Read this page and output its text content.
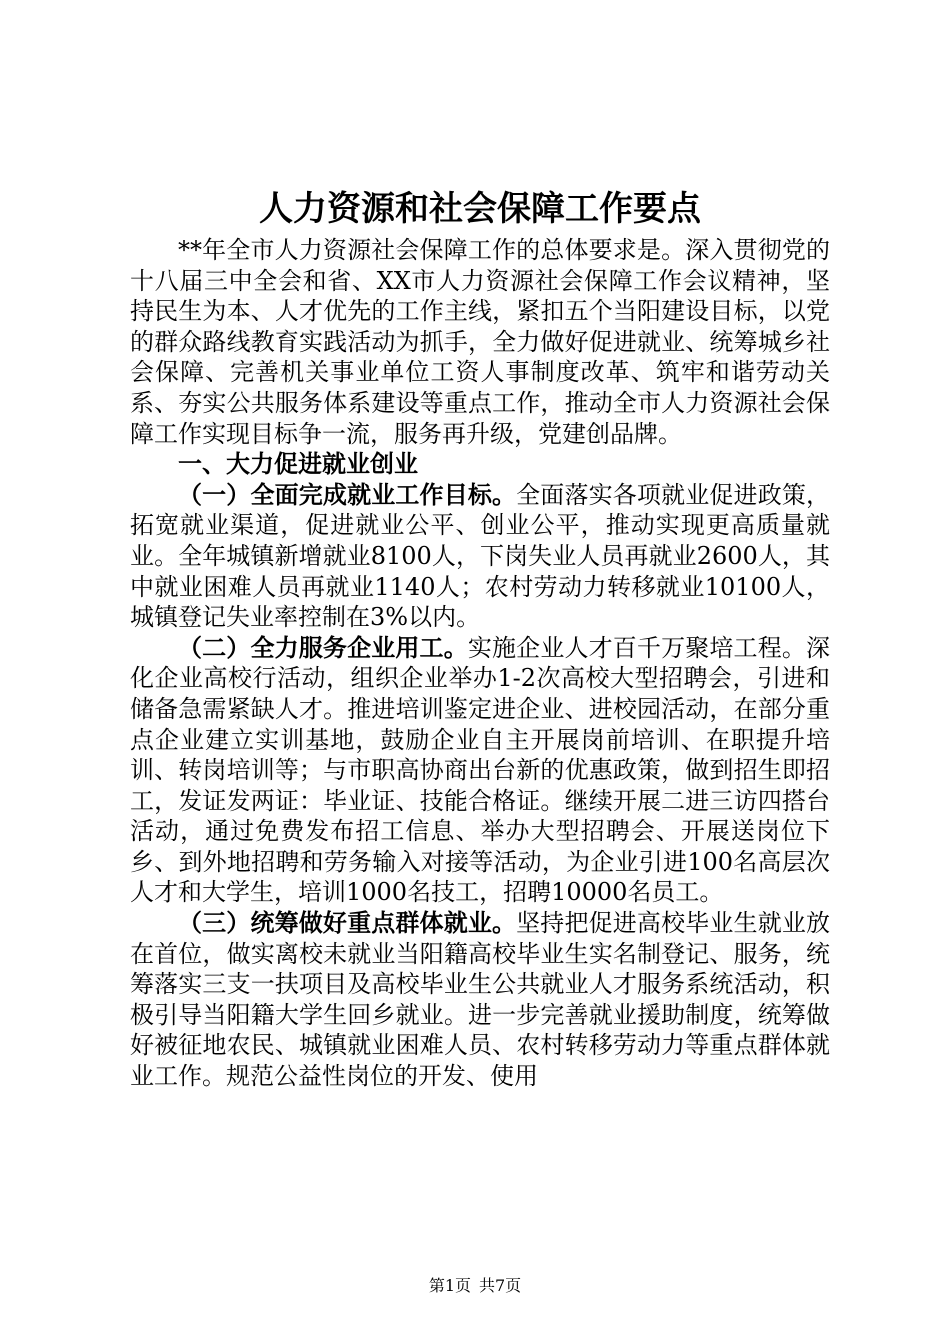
人力资源和社会保障工作要点

**年全市人力资源社会保障工作的总体要求是。深入贯彻党的十八届三中全会和省、XX市人力资源社会保障工作会议精神，坚持民生为本、人才优先的工作主线，紧扣五个当阳建设目标，以党的群众路线教育实践活动为抓手，全力做好促进就业、统筹城乡社会保障、完善机关事业单位工资人事制度改革、筑牢和谐劳动关系、夯实公共服务体系建设等重点工作，推动全市人力资源社会保障工作实现目标争一流，服务再升级，党建创品牌。

一、大力促进就业创业

（一）全面完成就业工作目标。全面落实各项就业促进政策，拓宽就业渠道，促进就业公平、创业公平，推动实现更高质量就业。全年城镇新增就业8100人，下岗失业人员再就业2600人，其中就业困难人员再就业1140人；农村劳动力转移就业10100人，城镇登记失业率控制在3%以内。

（二）全力服务企业用工。实施企业人才百千万聚培工程。深化企业高校行活动，组织企业举办1-2次高校大型招聘会，引进和储备急需紧缺人才。推进培训鉴定进企业、进校园活动，在部分重点企业建立实训基地，鼓励企业自主开展岗前培训、在职提升培训、转岗培训等；与市职高协商出台新的优惠政策，做到招生即招工，发证发两证：毕业证、技能合格证。继续开展二进三访四搭台活动，通过免费发布招工信息、举办大型招聘会、开展送岗位下乡、到外地招聘和劳务输入对接等活动，为企业引进100名高层次人才和大学生，培训1000名技工，招聘10000名员工。

（三）统筹做好重点群体就业。坚持把促进高校毕业生就业放在首位，做实离校未就业当阳籍高校毕业生实名制登记、服务，统筹落实三支一扶项目及高校毕业生公共就业人才服务系统活动，积极引导当阳籍大学生回乡就业。进一步完善就业援助制度，统筹做好被征地农民、城镇就业困难人员、农村转移劳动力等重点群体就业工作。规范公益性岗位的开发、使用

第1页 共7页
